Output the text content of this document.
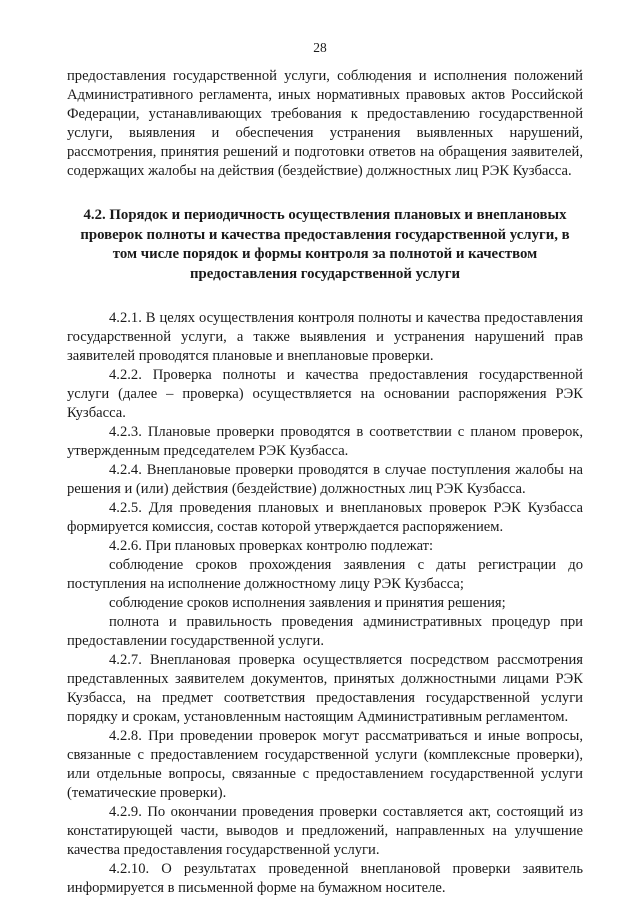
28

предоставления государственной услуги, соблюдения и исполнения положений Административного регламента, иных нормативных правовых актов Российской Федерации, устанавливающих требования к предоставлению государственной услуги, выявления и обеспечения устранения выявленных нарушений, рассмотрения, принятия решений и подготовки ответов на обращения заявителей, содержащих жалобы на действия (бездействие) должностных лиц РЭК Кузбасса.

4.2. Порядок и периодичность осуществления плановых и внеплановых проверок полноты и качества предоставления государственной услуги, в том числе порядок и формы контроля за полнотой и качеством предоставления государственной услуги

4.2.1. В целях осуществления контроля полноты и качества предоставления государственной услуги, а также выявления и устранения нарушений прав заявителей проводятся плановые и внеплановые проверки.

4.2.2. Проверка полноты и качества предоставления государственной услуги (далее – проверка) осуществляется на основании распоряжения РЭК Кузбасса.

4.2.3. Плановые проверки проводятся в соответствии с планом проверок, утвержденным председателем РЭК Кузбасса.

4.2.4. Внеплановые проверки проводятся в случае поступления жалобы на решения и (или) действия (бездействие) должностных лиц РЭК Кузбасса.

4.2.5. Для проведения плановых и внеплановых проверок РЭК Кузбасса формируется комиссия, состав которой утверждается распоряжением.

4.2.6. При плановых проверках контролю подлежат:

соблюдение сроков прохождения заявления с даты регистрации до поступления на исполнение должностному лицу РЭК Кузбасса;

соблюдение сроков исполнения заявления и принятия решения;

полнота и правильность проведения административных процедур при предоставлении государственной услуги.

4.2.7. Внеплановая проверка осуществляется посредством рассмотрения представленных заявителем документов, принятых должностными лицами РЭК Кузбасса, на предмет соответствия предоставления государственной услуги порядку и срокам, установленным настоящим Административным регламентом.

4.2.8. При проведении проверок могут рассматриваться и иные вопросы, связанные с предоставлением государственной услуги (комплексные проверки), или отдельные вопросы, связанные с предоставлением государственной услуги (тематические проверки).

4.2.9. По окончании проведения проверки составляется акт, состоящий из констатирующей части, выводов и предложений, направленных на улучшение качества предоставления государственной услуги.

4.2.10. О результатах проведенной внеплановой проверки заявитель информируется в письменной форме на бумажном носителе.
